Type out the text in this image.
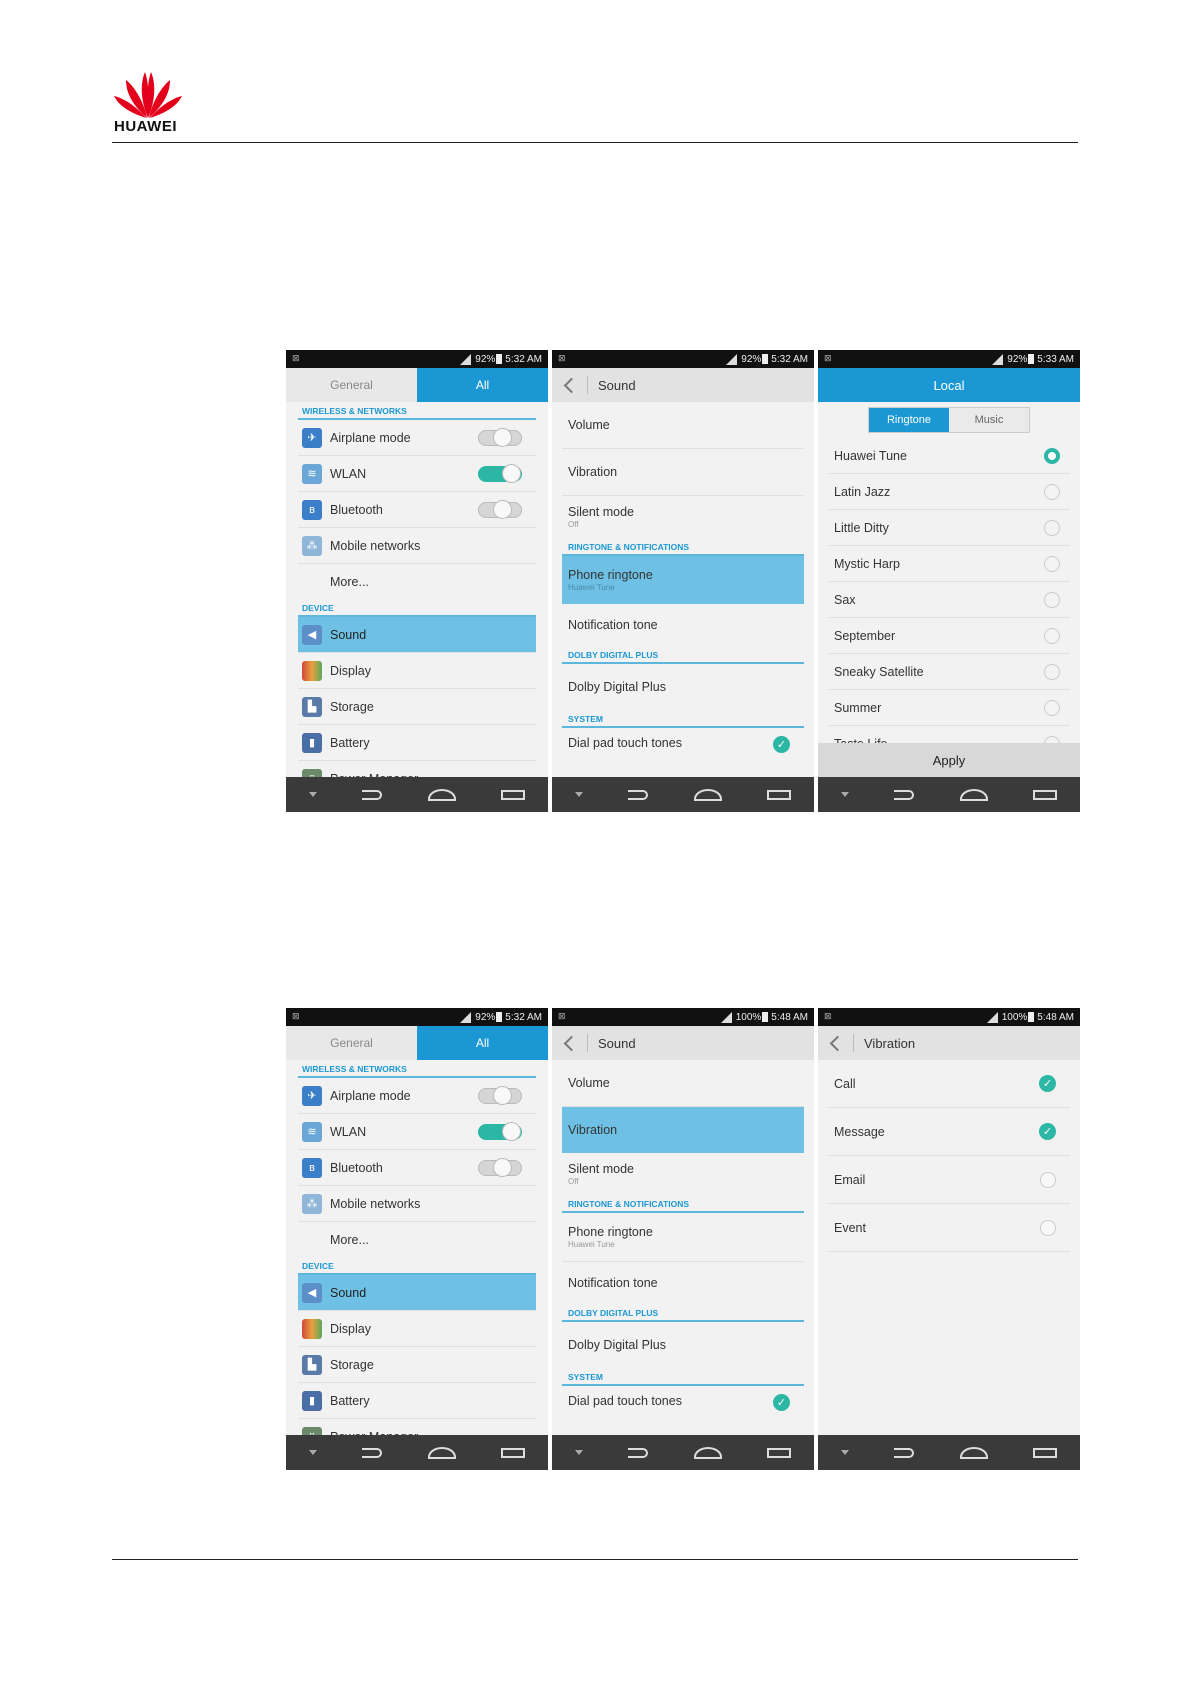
HUAWEI
⊠	92% 5:32 AM
General	All
WIRELESS & NETWORKS
✈	Airplane mode
≋	WLAN
ʙ	Bluetooth
⁂	Mobile networks
More...
DEVICE
◀	Sound
Display
▙	Storage
▮	Battery
⊠	92% 5:32 AM
Sound
Volume
Vibration
Silent mode
Off
RINGTONE & NOTIFICATIONS
Phone ringtone
Huawei Tune
Notification tone
DOLBY DIGITAL PLUS
Dolby Digital Plus
SYSTEM
Dial pad touch tones	✓
⊠	92% 5:33 AM
Local
Ringtone	Music
Huawei Tune
Latin Jazz
Little Ditty
Mystic Harp
Sax
September
Sneaky Satellite
Summer
Apply
⊠	92% 5:32 AM
General	All
WIRELESS & NETWORKS
✈	Airplane mode
≋	WLAN
ʙ	Bluetooth
⁂	Mobile networks
More...
DEVICE
◀	Sound
Display
▙	Storage
▮	Battery
⊠	100% 5:48 AM
Sound
Volume
Vibration
Silent mode
Off
RINGTONE & NOTIFICATIONS
Phone ringtone
Huawei Tune
Notification tone
DOLBY DIGITAL PLUS
Dolby Digital Plus
SYSTEM
Dial pad touch tones	✓
⊠	100% 5:48 AM
Vibration
Call	✓
Message	✓
Email
Event
